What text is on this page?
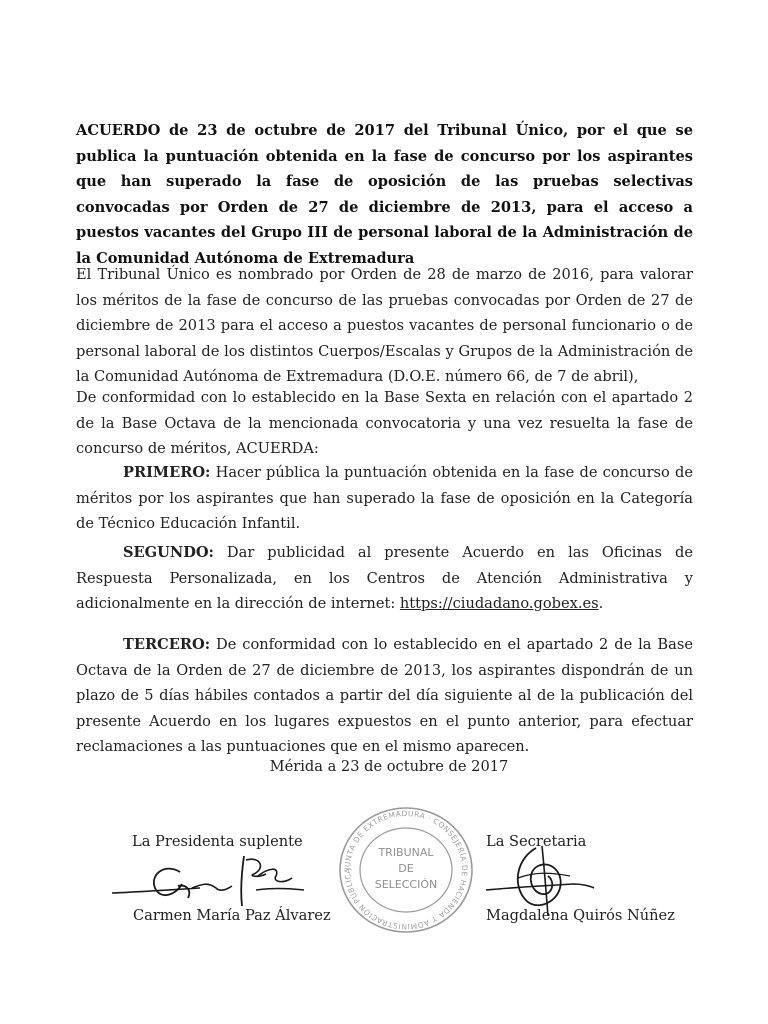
ACUERDO de 23 de octubre de 2017 del Tribunal Único, por el que se publica la puntuación obtenida en la fase de concurso por los aspirantes que han superado la fase de oposición de las pruebas selectivas convocadas por Orden de 27 de diciembre de 2013, para el acceso a puestos vacantes del Grupo III de personal laboral de la Administración de la Comunidad Autónoma de Extremadura

El Tribunal Único es nombrado por Orden de 28 de marzo de 2016, para valorar los méritos de la fase de concurso de las pruebas convocadas por Orden de 27 de diciembre de 2013 para el acceso a puestos vacantes de personal funcionario o de personal laboral de los distintos Cuerpos/Escalas y Grupos de la Administración de la Comunidad Autónoma de Extremadura (D.O.E. número 66, de 7 de abril),

De conformidad con lo establecido en la Base Sexta en relación con el apartado 2 de la Base Octava de la mencionada convocatoria y una vez resuelta la fase de concurso de méritos, ACUERDA:

PRIMERO: Hacer pública la puntuación obtenida en la fase de concurso de méritos por los aspirantes que han superado la fase de oposición en la Categoría de Técnico Educación Infantil.

SEGUNDO: Dar publicidad al presente Acuerdo en las Oficinas de Respuesta Personalizada, en los Centros de Atención Administrativa y adicionalmente en la dirección de internet: https://ciudadano.gobex.es.

TERCERO: De conformidad con lo establecido en el apartado 2 de la Base Octava de la Orden de 27 de diciembre de 2013, los aspirantes dispondrán de un plazo de 5 días hábiles contados a partir del día siguiente al de la publicación del presente Acuerdo en los lugares expuestos en el punto anterior, para efectuar reclamaciones a las puntuaciones que en el mismo aparecen.

Mérida a 23 de octubre de 2017

La Presidenta suplente

Carmen María Paz Álvarez

JUNTA DE EXTREMADURA · CONSEJERÍA DE HACIENDA Y ADMINISTRACIÓN PÚBLICA
TRIBUNAL
DE
SELECCIÓN

La Secretaria

Magdalena Quirós Núñez
